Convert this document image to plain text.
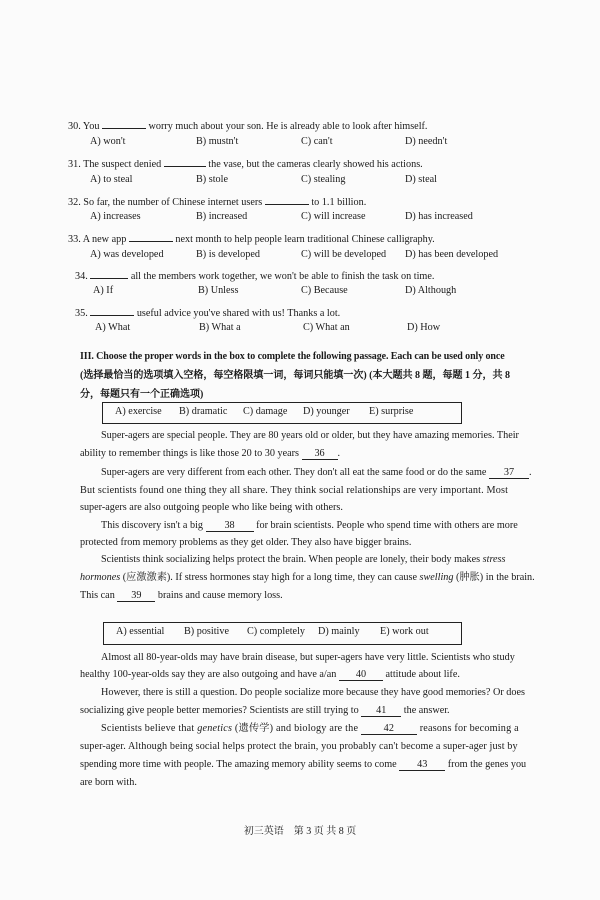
30. You	worry much about your son. He is already able to look after himself.
A) won't	B) mustn't	C) can't	D) needn't
31. The suspect denied	the vase, but the cameras clearly showed his actions.
A) to steal	B) stole	C) stealing	D) steal
32. So far, the number of Chinese internet users	to 1.1 billion.
A) increases	B) increased	C) will increase	D) has increased
33. A new app	next month to help people learn traditional Chinese calligraphy.
A) was developed	B) is developed	C) will be developed D) has been developed
34.	all the members work together, we won't be able to finish the task on time.
A) If	B) Unless	C) Because	D) Although
35.	useful advice you've shared with us! Thanks a lot.
A) What	B) What a	C) What an	D) How
III. Choose the proper words in the box to complete the following passage. Each can be used only once
(选择最恰当的选项填入空格，每空格限填一词，每词只能填一次) (本大题共 8 题，每题 1 分，共 8
分，每题只有一个正确选项)
A) exercise B) dramatic C) damage D) younger E) surprise
Super-agers are special people. They are 80 years old or older, but they have amazing memories. Their
ability to remember things is like those 20 to 30 years 36 .
Super-agers are very different from each other. They don't all eat the same food or do the same 37 .
But scientists found one thing they all share. They think social relationships are very important. Most
super-agers are also outgoing people who like being with others.
This discovery isn't a big 38 for brain scientists. People who spend time with others are more
protected from memory problems as they get older. They also have bigger brains.
Scientists think socializing helps protect the brain. When people are lonely, their body makes stress
hormones (应激激素). If stress hormones stay high for a long time, they can cause swelling (肿胀) in the brain.
This can 39 brains and cause memory loss.
A) essential B) positive C) completely D) mainly E) work out
Almost all 80-year-olds may have brain disease, but super-agers have very little. Scientists who study
healthy 100-year-olds say they are also outgoing and have a/an 40 attitude about life.
However, there is still a question. Do people socialize more because they have good memories? Or does
socializing give people better memories? Scientists are still trying to 41 the answer.
Scientists believe that genetics (遗传学) and biology are the 42 reasons for becoming a
super-ager. Although being social helps protect the brain, you probably can't become a super-ager just by
spending more time with people. The amazing memory ability seems to come 43 from the genes you
are born with.
初三英语　第 3 页 共 8 页
